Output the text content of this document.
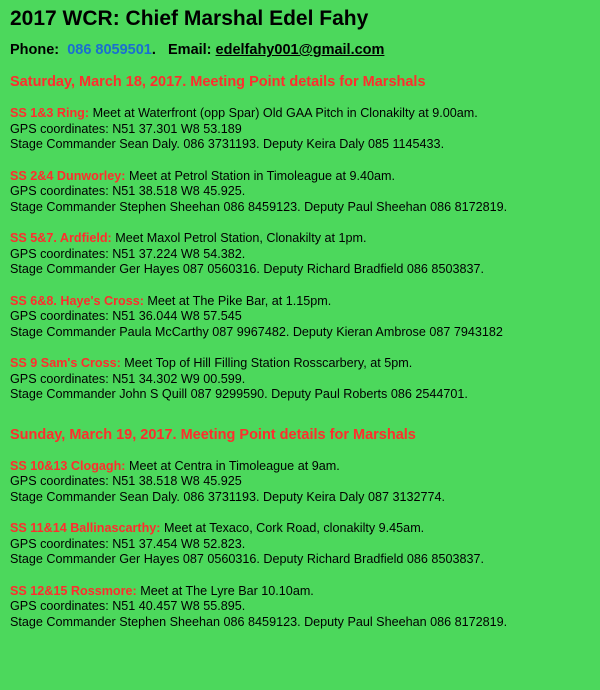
2017 WCR: Chief Marshal Edel Fahy
Phone: 086 8059501. Email: edelfahy001@gmail.com
Saturday, March 18, 2017. Meeting Point details for Marshals
SS 1&3 Ring: Meet at Waterfront (opp Spar) Old GAA Pitch in Clonakilty at 9.00am.
GPS coordinates: N51 37.301 W8 53.189
Stage Commander Sean Daly. 086 3731193. Deputy Keira Daly 085 1145433.
SS 2&4 Dunworley: Meet at Petrol Station in Timoleague at 9.40am.
GPS coordinates: N51 38.518 W8 45.925.
Stage Commander Stephen Sheehan 086 8459123. Deputy Paul Sheehan 086 8172819.
SS 5&7. Ardfield: Meet Maxol Petrol Station, Clonakilty at 1pm.
GPS coordinates: N51 37.224 W8 54.382.
Stage Commander Ger Hayes 087 0560316. Deputy Richard Bradfield 086 8503837.
SS 6&8. Haye's Cross: Meet at The Pike Bar, at 1.15pm.
GPS coordinates: N51 36.044 W8 57.545
Stage Commander Paula McCarthy 087 9967482. Deputy Kieran Ambrose 087 7943182
SS 9 Sam's Cross: Meet Top of Hill Filling Station Rosscarbery, at 5pm.
GPS coordinates: N51 34.302 W9 00.599.
Stage Commander John S Quill 087 9299590. Deputy Paul Roberts 086 2544701.
Sunday, March 19, 2017. Meeting Point details for Marshals
SS 10&13 Clogagh: Meet at Centra in Timoleague at 9am.
GPS coordinates: N51 38.518 W8 45.925
Stage Commander Sean Daly. 086 3731193. Deputy Keira Daly 087 3132774.
SS 11&14 Ballinascarthy: Meet at Texaco, Cork Road, clonakilty 9.45am.
GPS coordinates: N51 37.454 W8 52.823.
Stage Commander Ger Hayes 087 0560316. Deputy Richard Bradfield 086 8503837.
SS 12&15 Rossmore: Meet at The Lyre Bar 10.10am.
GPS coordinates: N51 40.457 W8 55.895.
Stage Commander Stephen Sheehan 086 8459123. Deputy Paul Sheehan 086 8172819.
